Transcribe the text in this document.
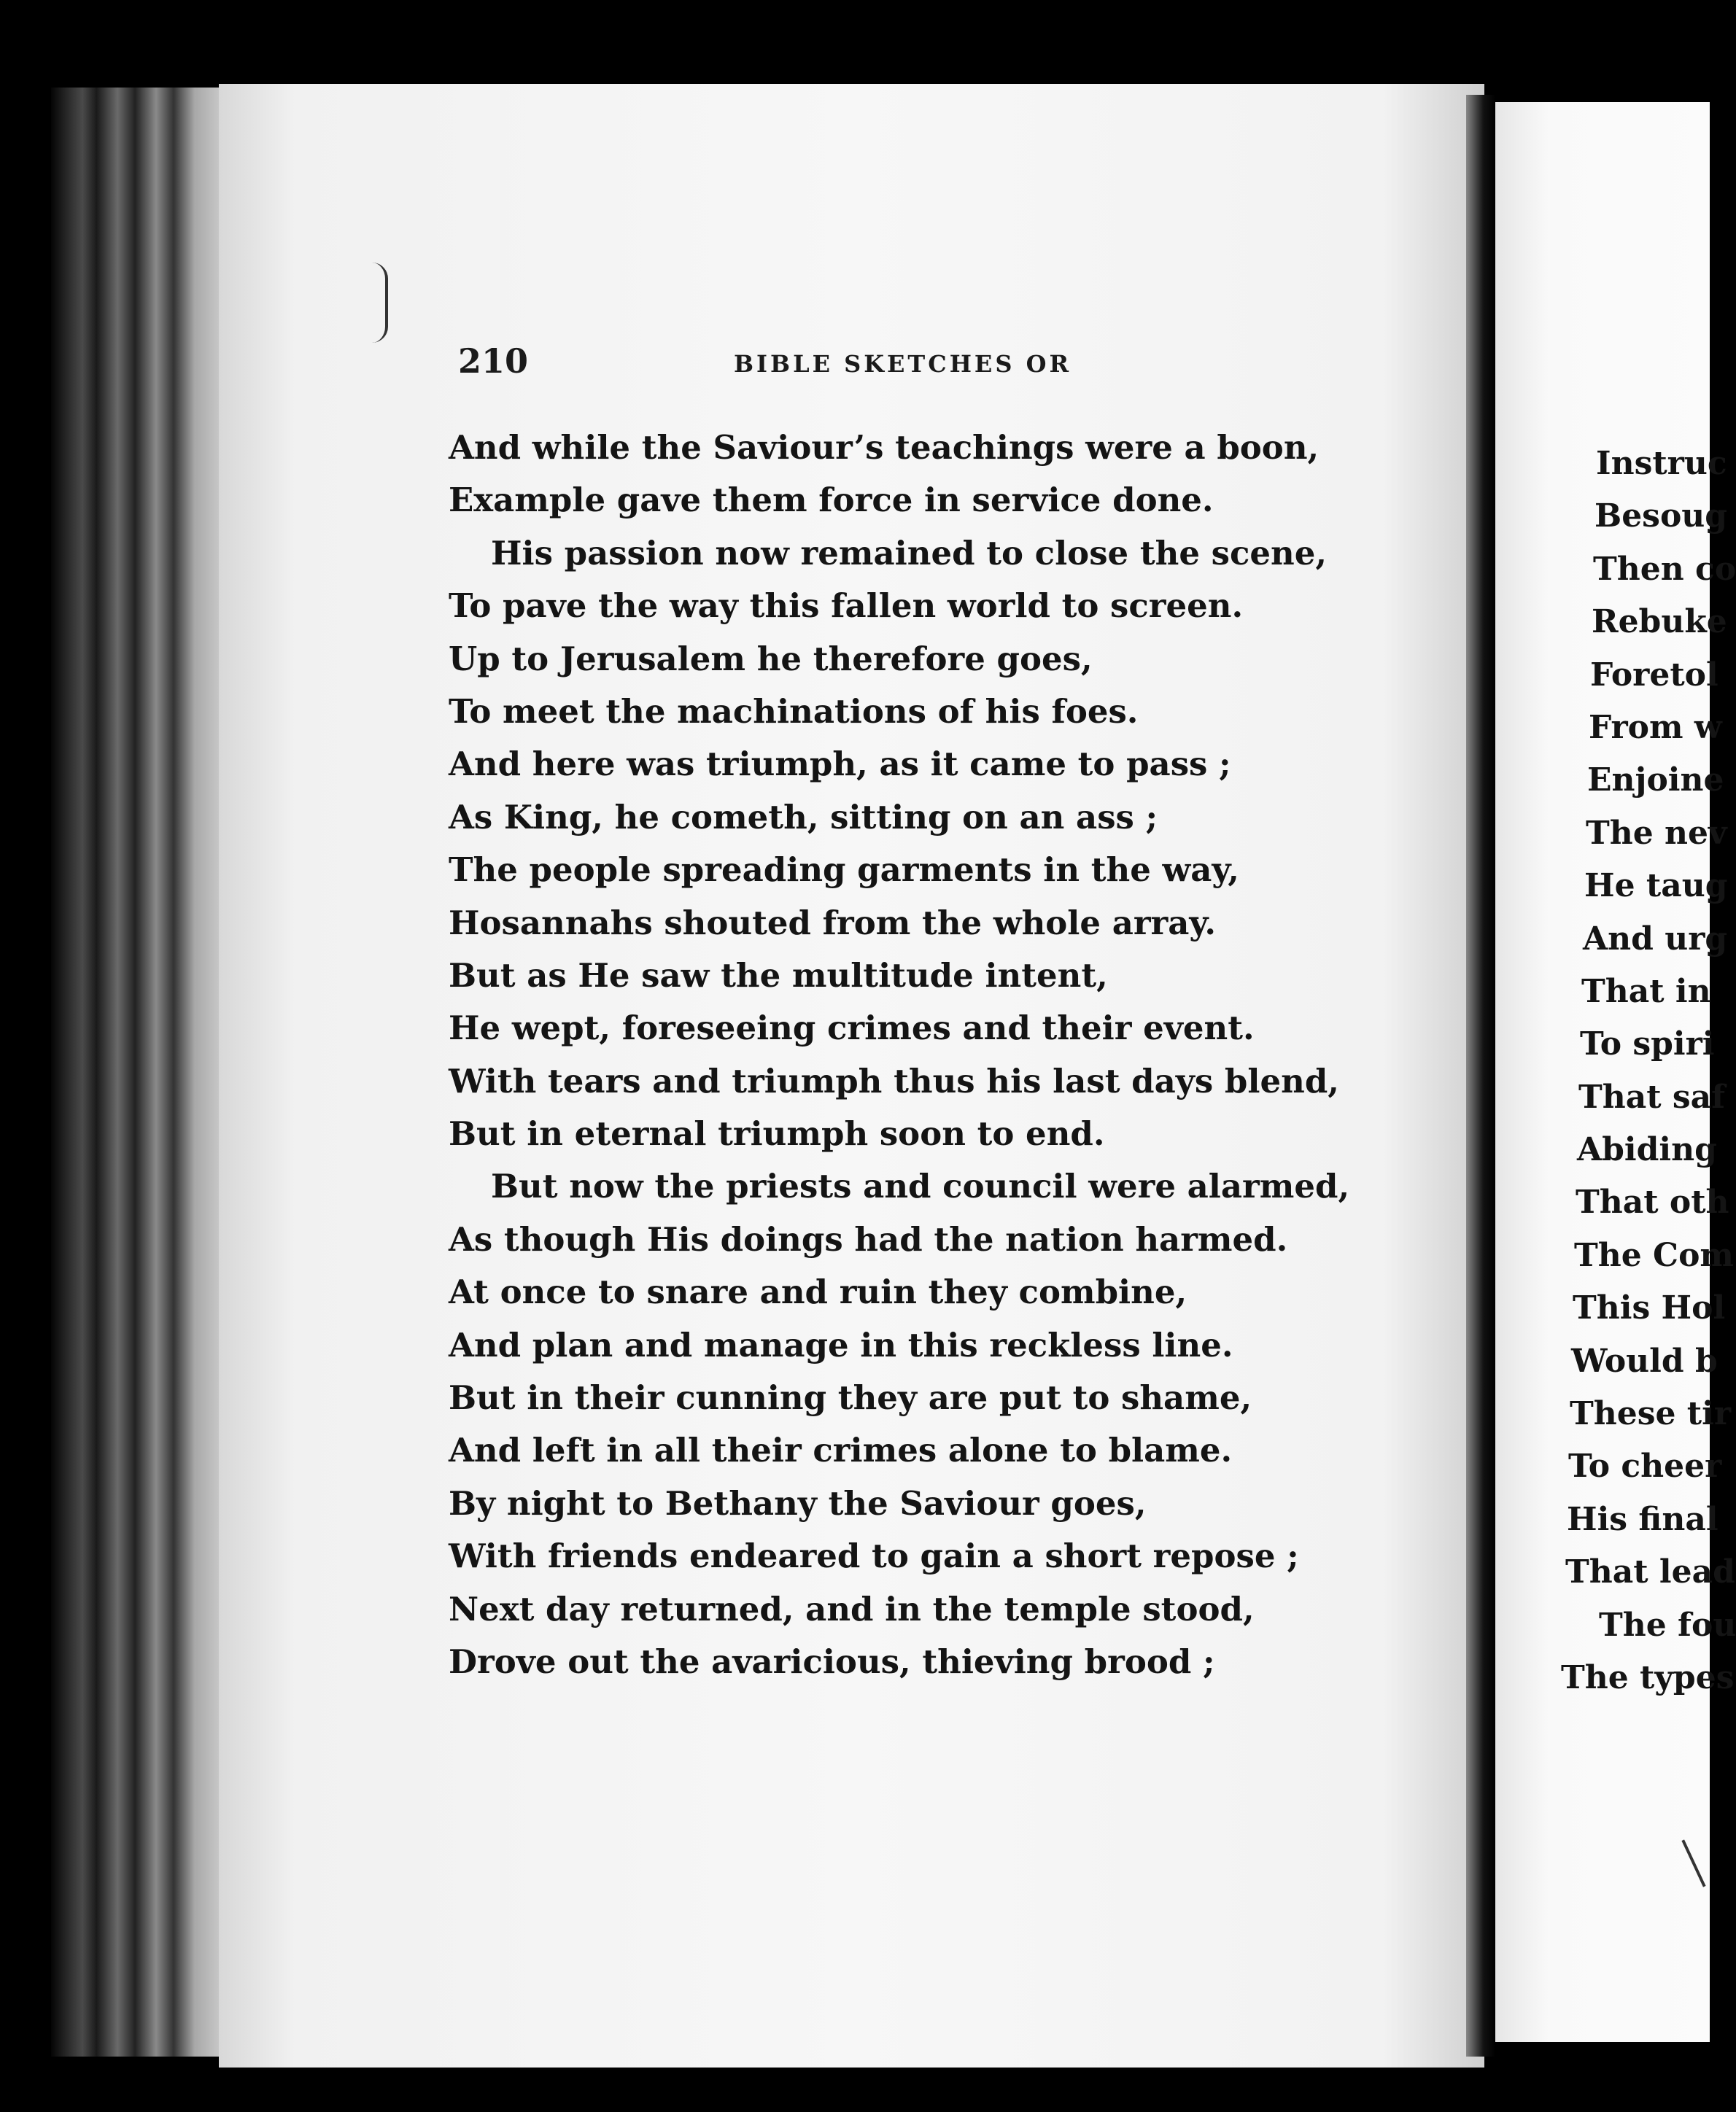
210	BIBLE SKETCHES OR
And while the Saviour’s teachings were a boon,
Example gave them force in service done.
His passion now remained to close the scene,
To pave the way this fallen world to screen.
Up to Jerusalem he therefore goes,
To meet the machinations of his foes.
And here was triumph, as it came to pass ;
As King, he cometh, sitting on an ass ;
The people spreading garments in the way,
Hosannahs shouted from the whole array.
But as He saw the multitude intent,
He wept, foreseeing crimes and their event.
With tears and triumph thus his last days blend,
But in eternal triumph soon to end.
But now the priests and council were alarmed,
As though His doings had the nation harmed.
At once to snare and ruin they combine,
And plan and manage in this reckless line.
But in their cunning they are put to shame,
And left in all their crimes alone to blame.
By night to Bethany the Saviour goes,
With friends endeared to gain a short repose ;
Next day returned, and in the temple stood,
Drove out the avaricious, thieving brood ;
Instruc
Besoug
Then co
Rebuke
Foretol
From w
Enjoine
The nev
He taug
And urg
That in
To spiri
That saf
Abiding
That oth
The Com
This Hol
Would b
These tir
To cheer
His final
That lead
The fou
The types
